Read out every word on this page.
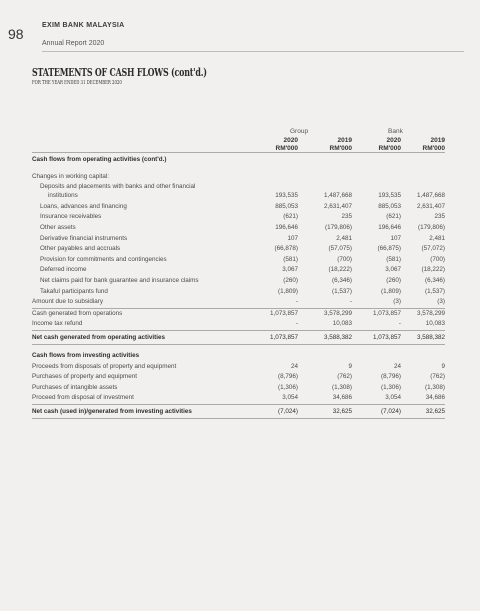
98
EXIM BANK MALAYSIA
Annual Report 2020
STATEMENTS OF CASH FLOWS (cont'd.)
FOR THE YEAR ENDED 31 DECEMBER 2020
Group	Bank
2020	2019	2020	2019
RM'000	RM'000	RM'000	RM'000
Cash flows from operating activities (cont'd.)
Changes in working capital:
Deposits and placements with banks and other financial
institutions	193,535	1,487,668	193,535	1,487,668
Loans, advances and financing	885,053	2,631,407	885,053	2,631,407
Insurance receivables	(621)	235	(621)	235
Other assets	196,646	(179,806)	196,646	(179,806)
Derivative financial instruments	107	2,481	107	2,481
Other payables and accruals	(66,878)	(57,075)	(66,875)	(57,072)
Provision for commitments and contingencies	(581)	(700)	(581)	(700)
Deferred income	3,067	(18,222)	3,067	(18,222)
Net claims paid for bank guarantee and insurance claims	(260)	(6,346)	(260)	(6,346)
Takaful participants fund	(1,809)	(1,537)	(1,809)	(1,537)
Amount due to subsidiary	-	-	(3)	(3)
Cash generated from operations	1,073,857	3,578,299	1,073,857	3,578,299
Income tax refund	-	10,083	-	10,083
Net cash generated from operating activities	1,073,857	3,588,382	1,073,857	3,588,382
Cash flows from investing activities
Proceeds from disposals of property and equipment	24	9	24	9
Purchases of property and equipment	(8,796)	(762)	(8,796)	(762)
Purchases of intangible assets	(1,306)	(1,308)	(1,306)	(1,308)
Proceed from disposal of investment	3,054	34,686	3,054	34,686
Net cash (used in)/generated from investing activities	(7,024)	32,625	(7,024)	32,625
